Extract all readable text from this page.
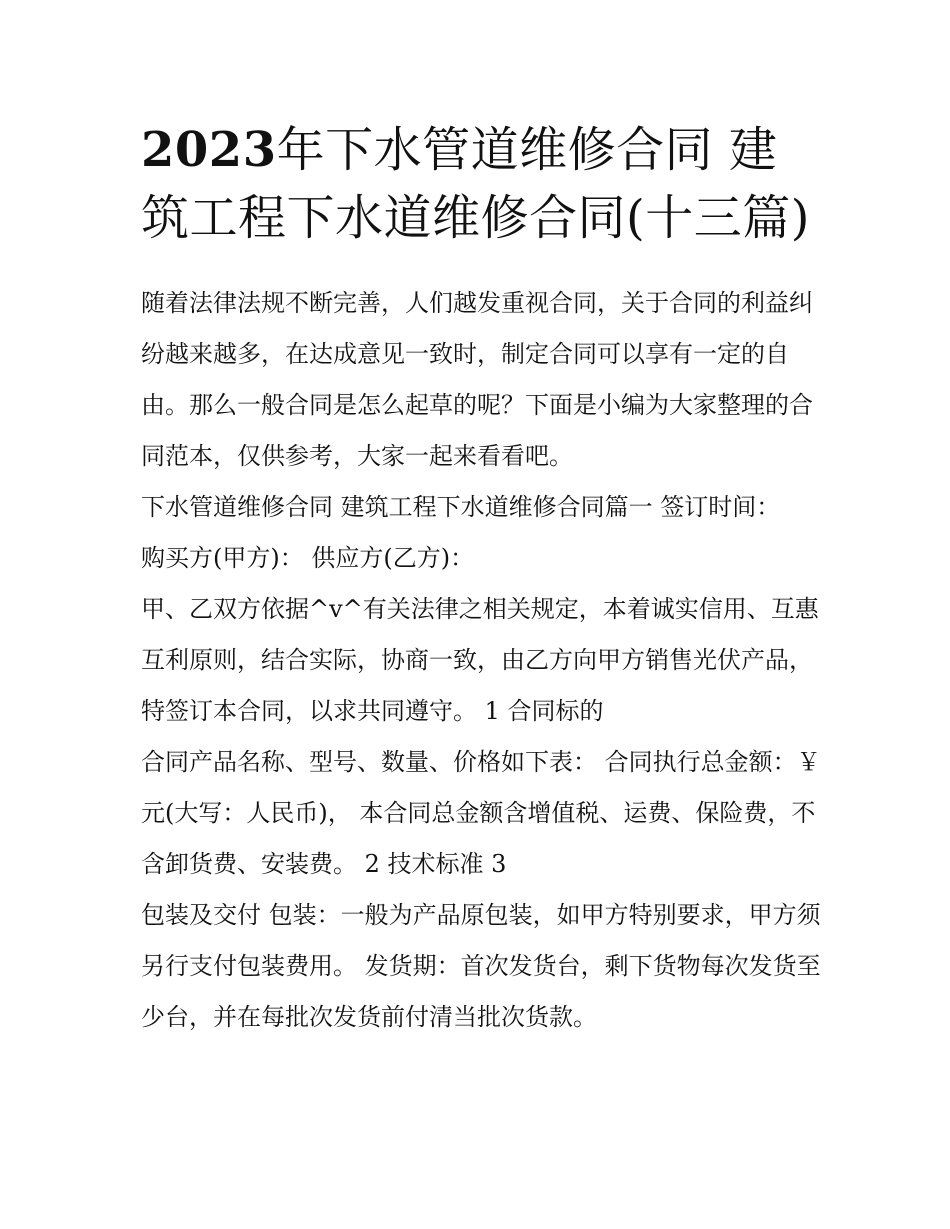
2023年下水管道维修合同 建筑工程下水道维修合同(十三篇)

随着法律法规不断完善，人们越发重视合同，关于合同的利益纠纷越来越多，在达成意见一致时，制定合同可以享有一定的自由。那么一般合同是怎么起草的呢？下面是小编为大家整理的合同范本，仅供参考，大家一起来看看吧。

下水管道维修合同 建筑工程下水道维修合同篇一 签订时间：

购买方(甲方)： 供应方(乙方)：

甲、乙双方依据^v^有关法律之相关规定，本着诚实信用、互惠互利原则，结合实际，协商一致，由乙方向甲方销售光伏产品，特签订本合同，以求共同遵守。 1 合同标的

合同产品名称、型号、数量、价格如下表： 合同执行总金额：￥ 元(大写：人民币)， 本合同总金额含增值税、运费、保险费，不含卸货费、安装费。 2 技术标准 3

包装及交付 包装：一般为产品原包装，如甲方特别要求，甲方须另行支付包装费用。 发货期：首次发货台，剩下货物每次发货至少台，并在每批次发货前付清当批次货款。
